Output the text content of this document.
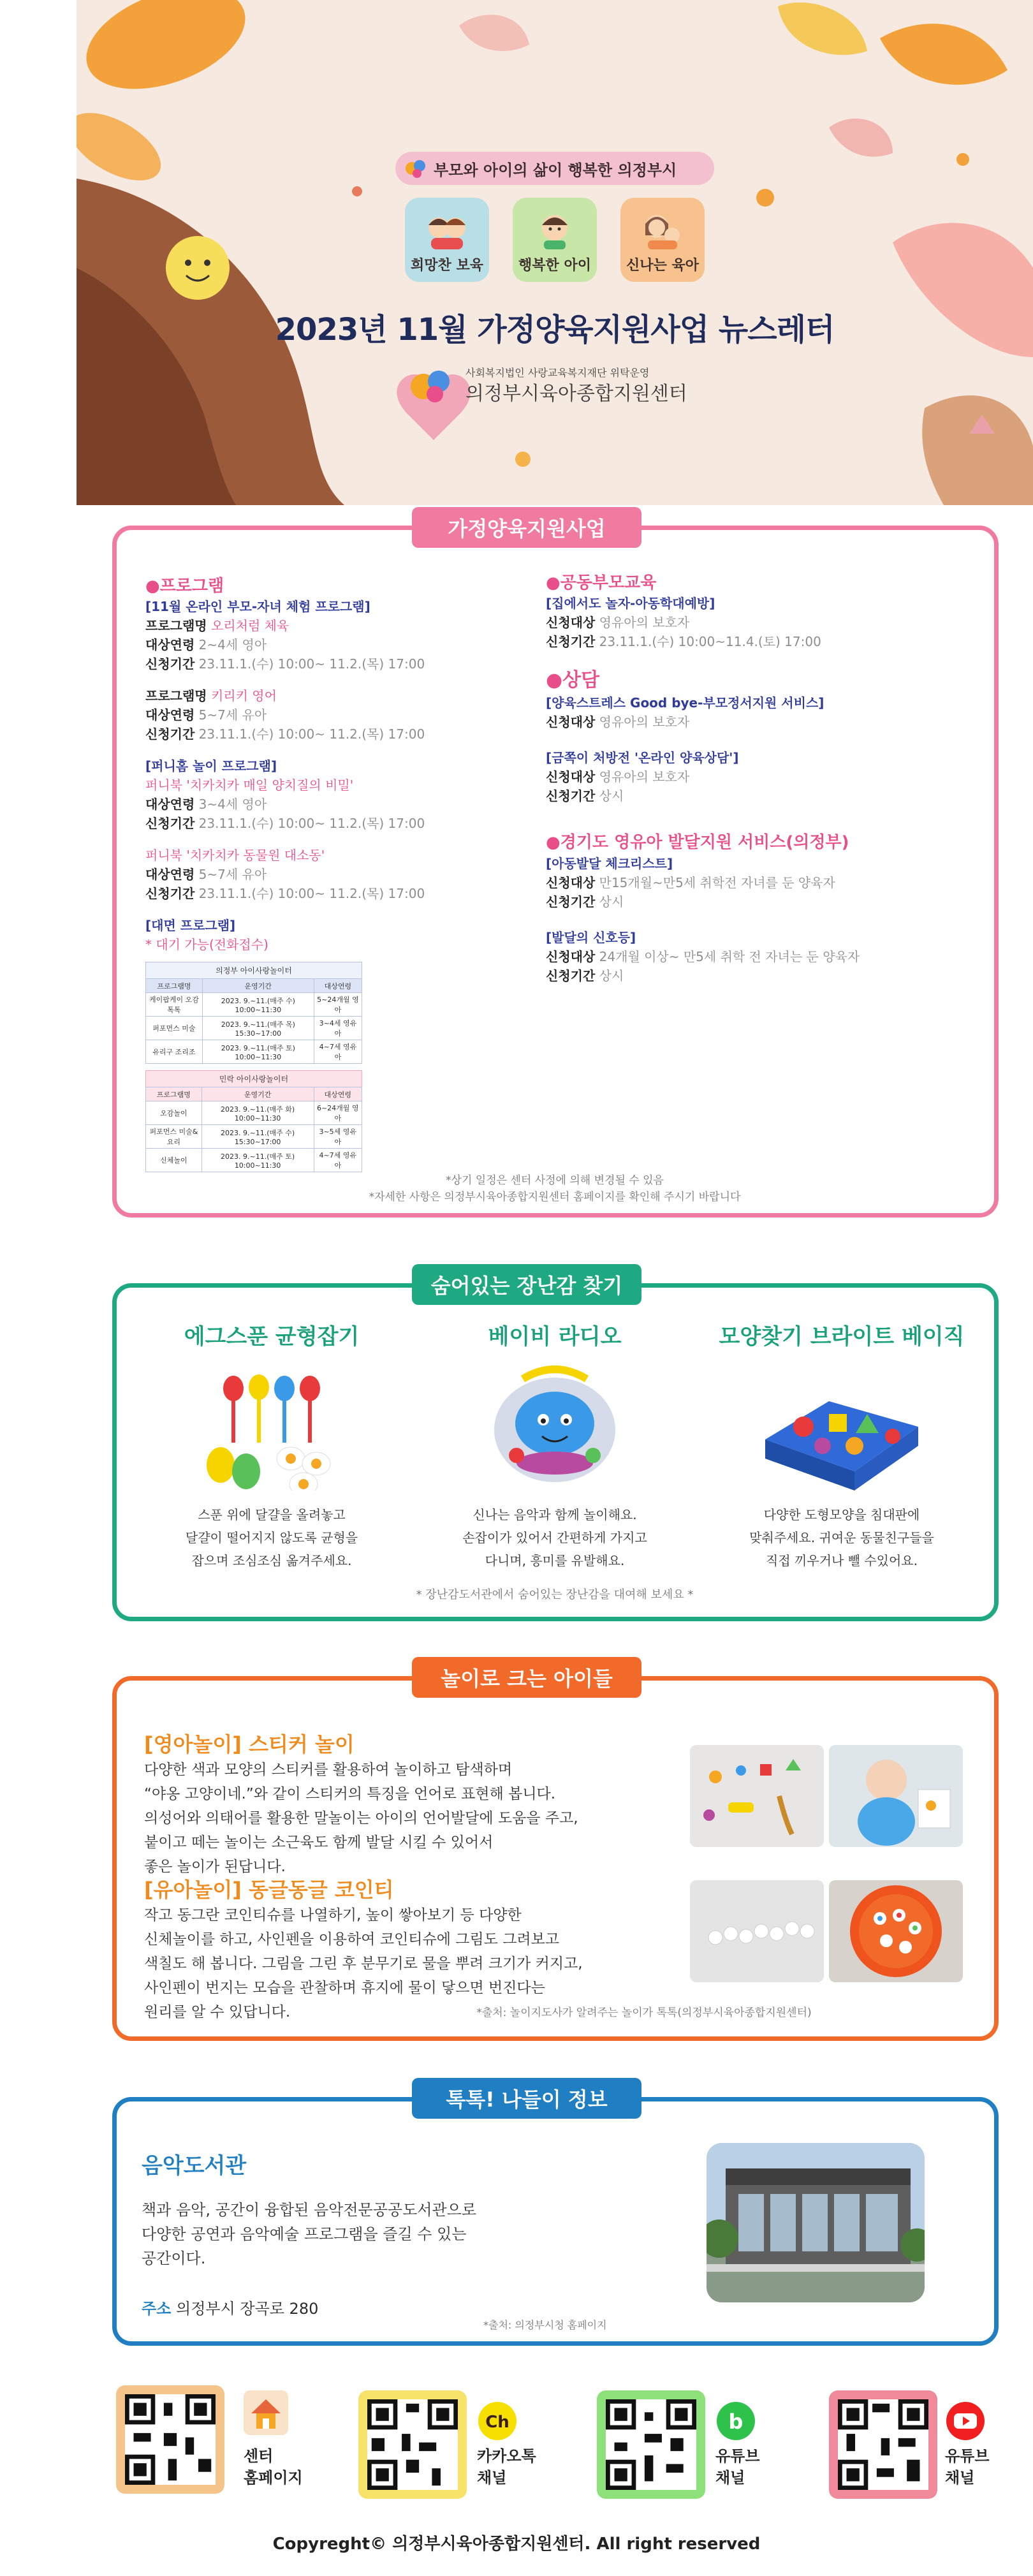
부모와 아이의 삶이 행복한 의정부시
희망찬 보육	행복한 아이	신나는 육아
2023년 11월 가정양육지원사업 뉴스레터
사회복지법인 사랑교육복지재단 위탁운영
의정부시육아종합지원센터
가정양육지원사업

●프로그램

[11월 온라인 부모-자녀 체험 프로그램]

프로그램명 오리처럼 체육

대상연령 2~4세 영아

신청기간 23.11.1.(수) 10:00~ 11.2.(목) 17:00

프로그램명 키리키 영어

대상연령 5~7세 유아

신청기간 23.11.1.(수) 10:00~ 11.2.(목) 17:00

[퍼니홈 놀이 프로그램]

퍼니북 '치카치카 매일 양치질의 비밀'

대상연령 3~4세 영아

신청기간 23.11.1.(수) 10:00~ 11.2.(목) 17:00

퍼니북 '치카치카 동물원 대소동'

대상연령 5~7세 유아

신청기간 23.11.1.(수) 10:00~ 11.2.(목) 17:00

[대면 프로그램]

* 대기 가능(전화접수)

의정부 아이사랑놀이터
프로그램명	운영기간	대상연령
케이팝케이 오감톡톡	2023. 9.~11.(매주 수) 10:00~11:30	5~24개월 영아
퍼포먼스 미술	2023. 9.~11.(매주 목) 15:30~17:00	3~4세 영유아
유리구 조리조	2023. 9.~11.(매주 토) 10:00~11:30	4~7세 영유아
민락 아이사랑놀이터
프로그램명	운영기간	대상연령
오감놀이	2023. 9.~11.(매주 화) 10:00~11:30	6~24개월 영아
퍼포먼스 미술&요리	2023. 9.~11.(매주 수) 15:30~17:00	3~5세 영유아
신체놀이	2023. 9.~11.(매주 토) 10:00~11:30	4~7세 영유아

●공동부모교육

[집에서도 놀자-아동학대예방]

신청대상 영유아의 보호자

신청기간 23.11.1.(수) 10:00~11.4.(토) 17:00

●상담

[양육스트레스 Good bye-부모정서지원 서비스]

신청대상 영유아의 보호자

[금쪽이 처방전 '온라인 양육상담']

신청대상 영유아의 보호자

신청기간 상시

●경기도 영유아 발달지원 서비스(의정부)

[아동발달 체크리스트]

신청대상 만15개월~만5세 취학전 자녀를 둔 양육자

신청기간 상시

[발달의 신호등]

신청대상 24개월 이상~ 만5세 취학 전 자녀는 둔 양육자

신청기간 상시

*상기 일정은 센터 사정에 의해 변경될 수 있음

*자세한 사항은 의정부시육아종합지원센터 홈페이지를 확인해 주시기 바랍니다

숨어있는 장난감 찾기

에그스푼 균형잡기

스푼 위에 달걀을 올려놓고

달걀이 떨어지지 않도록 균형을

잡으며 조심조심 옮겨주세요.

베이비 라디오

신나는 음악과 함께 놀이해요.

손잡이가 있어서 간편하게 가지고

다니며, 흥미를 유발해요.

모양찾기 브라이트 베이직

다양한 도형모양을 침대판에

맞춰주세요. 귀여운 동물친구들을

직접 끼우거나 뺄 수있어요.

* 장난감도서관에서 숨어있는 장난감을 대여해 보세요 *

놀이로 크는 아이들

[영아놀이] 스티커 놀이

다양한 색과 모양의 스티커를 활용하여 놀이하고 탐색하며

“야옹 고양이네.”와 같이 스티커의 특징을 언어로 표현해 봅니다.

의성어와 의태어를 활용한 말놀이는 아이의 언어발달에 도움을 주고,

붙이고 떼는 놀이는 소근육도 함께 발달 시킬 수 있어서

좋은 놀이가 된답니다.

[유아놀이] 동글동글 코인티

작고 동그란 코인티슈를 나열하기, 높이 쌓아보기 등 다양한

신체놀이를 하고, 사인펜을 이용하여 코인티슈에 그림도 그려보고

색칠도 해 봅니다. 그림을 그린 후 분무기로 물을 뿌려 크기가 커지고,

사인펜이 번지는 모습을 관찰하며 휴지에 물이 닿으면 번진다는

원리를 알 수 있답니다.	*출처: 놀이지도사가 알려주는 놀이가 톡톡(의정부시육아종합지원센터)

톡톡! 나들이 정보

음악도서관

책과 음악, 공간이 융합된 음악전문공공도서관으로

다양한 공연과 음악예술 프로그램을 즐길 수 있는

공간이다.

주소 의정부시 장곡로 280

*출처: 의정부시청 홈페이지

센터

홈페이지

Ch

카카오톡

채널

b

유튜브

채널

유튜브

채널

Copyreght© 의정부시육아종합지원센터. All right reserved
